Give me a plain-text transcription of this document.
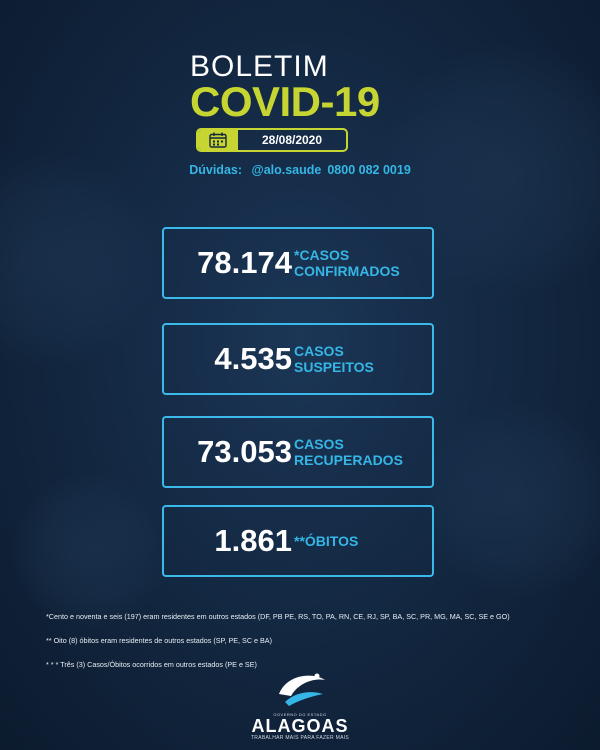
BOLETIM
COVID-19
28/08/2020
Dúvidas: @alo.saude 0800 082 0019
78.174 *CASOS
CONFIRMADOS
4.535 CASOS
SUSPEITOS
73.053 CASOS
RECUPERADOS
1.861 **ÓBITOS
*Cento e noventa e seis (197) eram residentes em outros estados (DF, PB PE, RS, TO, PA, RN, CE, RJ, SP, BA, SC, PR, MG, MA, SC, SE e GO)
** Oito (8) óbitos eram residentes de outros estados (SP, PE, SC e BA)
* * * Três (3) Casos/Óbitos ocorridos em outros estados (PE e SE)
GOVERNO DO ESTADO
ALAGOAS
TRABALHAR MAIS PARA FAZER MAIS
